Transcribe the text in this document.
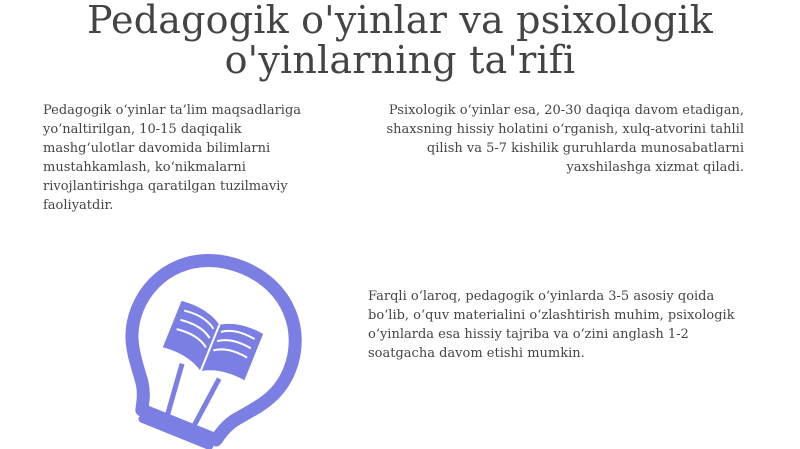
Pedagogik o'yinlar va psixologik o'yinlarning ta'rifi

Pedagogik o‘yinlar ta’lim maqsadlariga yo‘naltirilgan, 10-15 daqiqalik mashg‘ulotlar davomida bilimlarni mustahkamlash, ko‘nikmalarni rivojlantirishga qaratilgan tuzilmaviy faoliyatdir.

Psixologik o‘yinlar esa, 20-30 daqiqa davom etadigan, shaxsning hissiy holatini o‘rganish, xulq-atvorini tahlil qilish va 5-7 kishilik guruhlarda munosabatlarni yaxshilashga xizmat qiladi.

Farqli o‘laroq, pedagogik o‘yinlarda 3-5 asosiy qoida bo‘lib, o‘quv materialini o‘zlashtirish muhim, psixologik o‘yinlarda esa hissiy tajriba va o‘zini anglash 1-2 soatgacha davom etishi mumkin.
